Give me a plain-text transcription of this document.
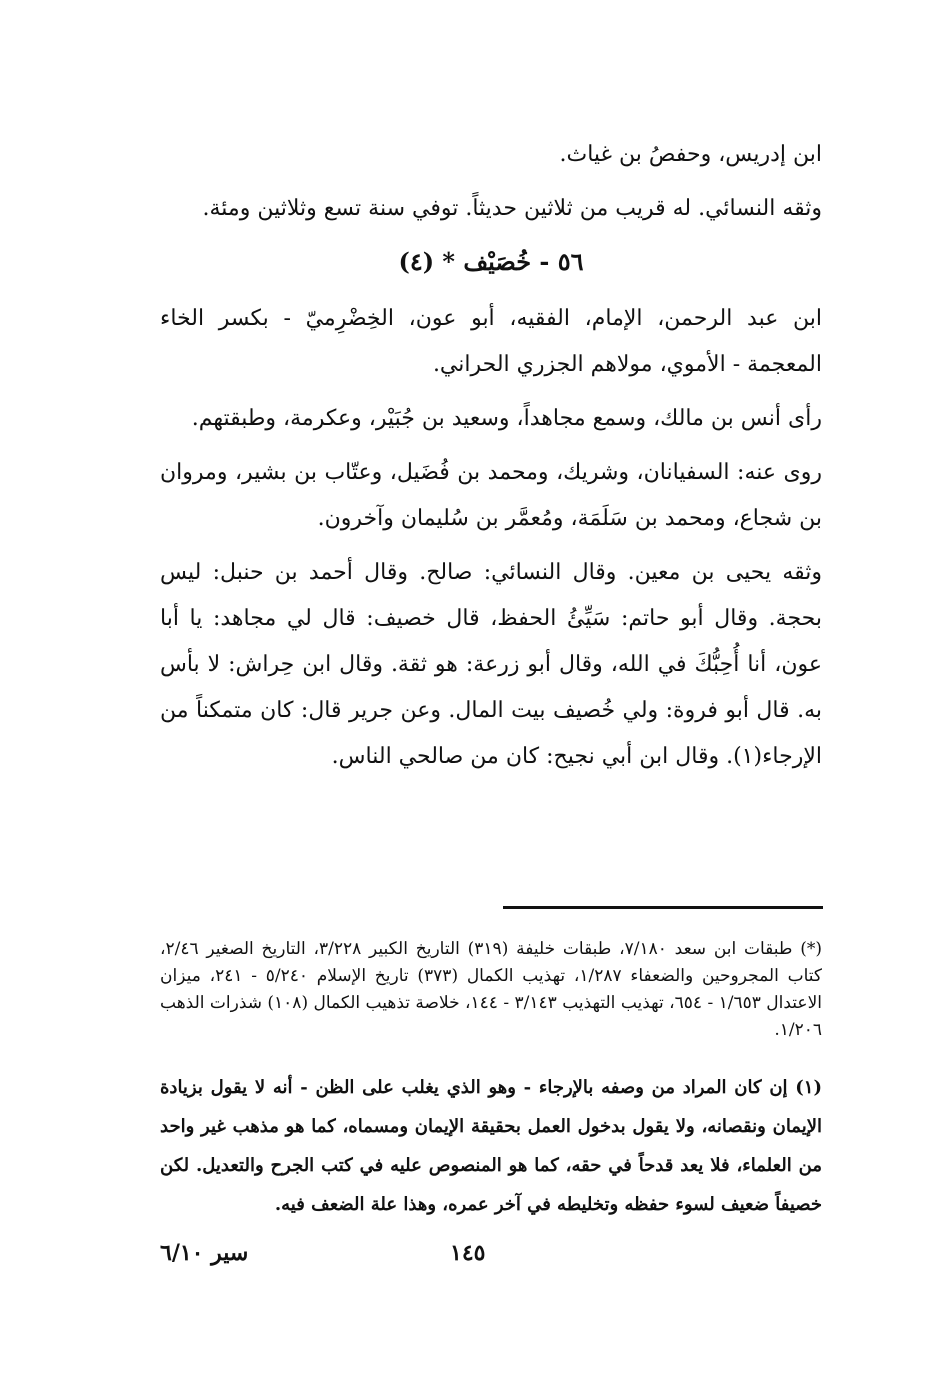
ابن إدريس، وحفصُ بن غياث.

وثقه النسائي. له قريب من ثلاثين حديثاً. توفي سنة تسع وثلاثين ومئة.

٥٦ - خُصَيْف * (٤)

ابن عبد الرحمن، الإمام، الفقيه، أبو عون، الخِضْرِميّ - بكسر الخاء المعجمة - الأموي، مولاهم الجزري الحراني.

رأى أنس بن مالك، وسمع مجاهداً، وسعيد بن جُبَيْر، وعكرمة، وطبقتهم.

روى عنه: السفيانان، وشريك، ومحمد بن فُضَيل، وعتّاب بن بشير، ومروان بن شجاع، ومحمد بن سَلَمَة، ومُعمَّر بن سُليمان وآخرون.

وثقه يحيى بن معين. وقال النسائي: صالح. وقال أحمد بن حنبل: ليس بحجة. وقال أبو حاتم: سَيِّئُ الحفظ، قال خصيف: قال لي مجاهد: يا أبا عون، أنا أُحِبُّكَ في الله، وقال أبو زرعة: هو ثقة. وقال ابن حِراش: لا بأس به. قال أبو فروة: ولي خُصيف بيت المال. وعن جرير قال: كان متمكناً من الإرجاء(١). وقال ابن أبي نجيح: كان من صالحي الناس.

(*) طبقات ابن سعد ٧/١٨٠، طبقات خليفة (٣١٩) التاريخ الكبير ٣/٢٢٨، التاريخ الصغير ٢/٤٦، كتاب المجروحين والضعفاء ١/٢٨٧، تهذيب الكمال (٣٧٣) تاريخ الإسلام ٥/٢٤٠ - ٢٤١، ميزان الاعتدال ١/٦٥٣ - ٦٥٤، تهذيب التهذيب ٣/١٤٣ - ١٤٤، خلاصة تذهيب الكمال (١٠٨) شذرات الذهب ١/٢٠٦.

(١) إن كان المراد من وصفه بالإرجاء - وهو الذي يغلب على الظن - أنه لا يقول بزيادة الإيمان ونقصانه، ولا يقول بدخول العمل بحقيقة الإيمان ومسماه، كما هو مذهب غير واحد من العلماء، فلا يعد قدحاً في حقه، كما هو المنصوص عليه في كتب الجرح والتعديل. لكن خصيفاً ضعيف لسوء حفظه وتخليطه في آخر عمره، وهذا علة الضعف فيه.

١٤٥
سير ٦/١٠
